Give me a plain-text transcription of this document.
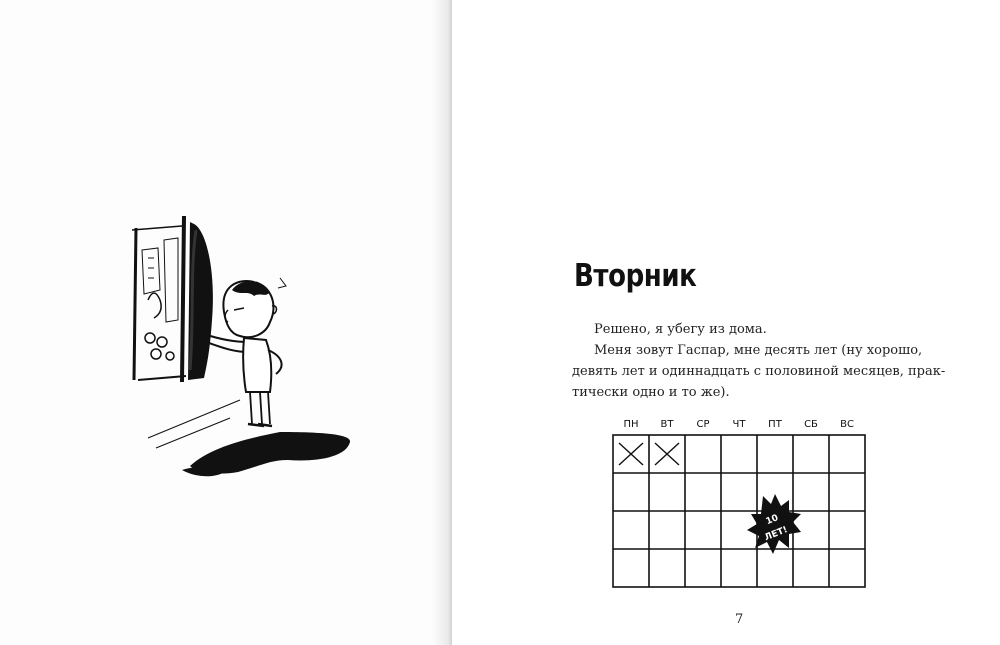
Вторник

Решено, я убегу из дома.

Меня зовут Гаспар, мне десять лет (ну хорошо,

девять лет и одиннадцать с половиной месяцев, прак-

тически одно и то же).

ПН ВТ СР ЧТ ПТ СБ ВС
10
ЛЕТ!
7
